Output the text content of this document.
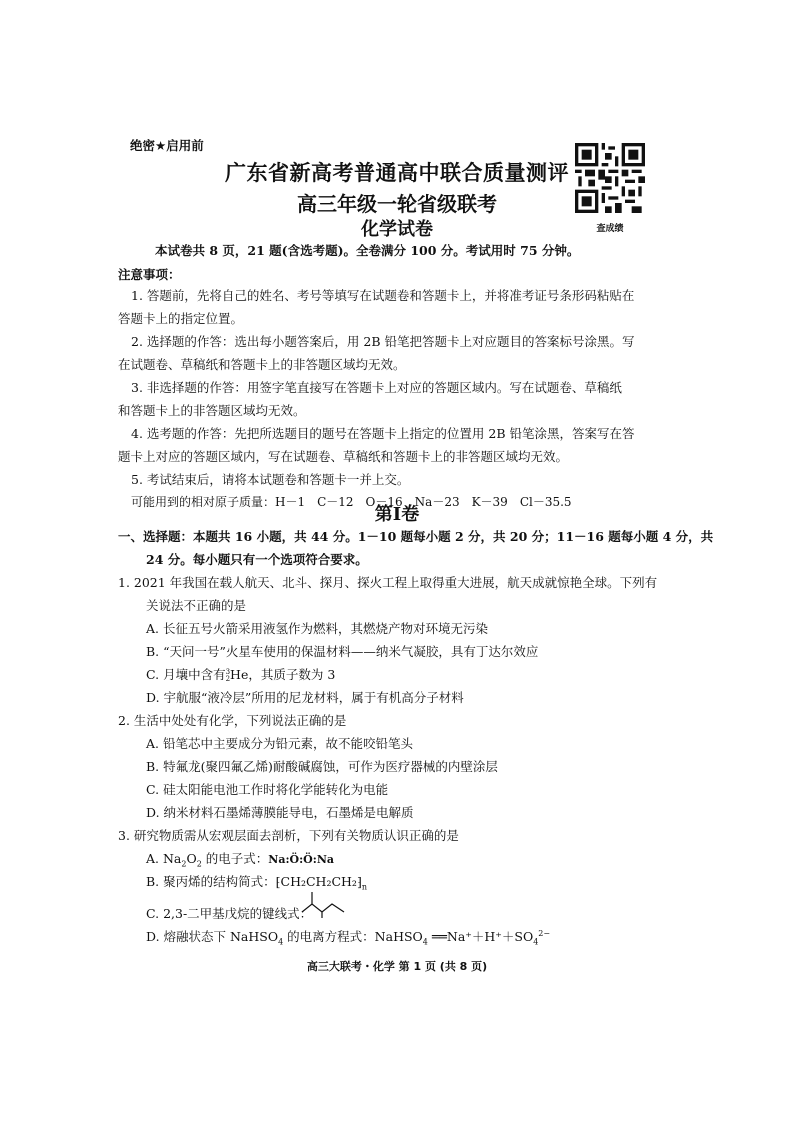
绝密★启用前
广东省新高考普通高中联合质量测评
高三年级一轮省级联考
化学试卷	查成绩
本试卷共 8 页，21 题(含选考题)。全卷满分 100 分。考试用时 75 分钟。
注意事项：
1. 答题前，先将自己的姓名、考号等填写在试题卷和答题卡上，并将准考证号条形码粘贴在
答题卡上的指定位置。
2. 选择题的作答：选出每小题答案后，用 2B 铅笔把答题卡上对应题目的答案标号涂黑。写
在试题卷、草稿纸和答题卡上的非答题区域均无效。
3. 非选择题的作答：用签字笔直接写在答题卡上对应的答题区域内。写在试题卷、草稿纸
和答题卡上的非答题区域均无效。
4. 选考题的作答：先把所选题目的题号在答题卡上指定的位置用 2B 铅笔涂黑，答案写在答
题卡上对应的答题区域内，写在试题卷、草稿纸和答题卡上的非答题区域均无效。
5. 考试结束后，请将本试题卷和答题卡一并上交。
可能用到的相对原子质量：H－1　C－12　O－16　Na－23　K－39　Cl－35.5
第Ⅰ卷
一、选择题：本题共 16 小题，共 44 分。1－10 题每小题 2 分，共 20 分；11－16 题每小题 4 分，共
24 分。每小题只有一个选项符合要求。
1. 2021 年我国在载人航天、北斗、探月、探火工程上取得重大进展，航天成就惊艳全球。下列有
关说法不正确的是
A. 长征五号火箭采用液氢作为燃料，其燃烧产物对环境无污染
B. “天问一号”火星车使用的保温材料——纳米气凝胶，具有丁达尔效应
C. 月壤中含有 3
2 He，其质子数为 3
D. 宇航服“液冷层”所用的尼龙材料，属于有机高分子材料
2. 生活中处处有化学，下列说法正确的是
A. 铅笔芯中主要成分为铅元素，故不能咬铅笔头
B. 特氟龙(聚四氟乙烯)耐酸碱腐蚀，可作为医疗器械的内壁涂层
C. 硅太阳能电池工作时将化学能转化为电能
D. 纳米材料石墨烯薄膜能导电，石墨烯是电解质
3. 研究物质需从宏观层面去剖析，下列有关物质认识正确的是
A. $Na_2O_2$ 的电子式：Na:Ö:Ö:Na
B. 聚丙烯的结构简式：$⁅CH_2CH_2CH_2⁆_n$
C. 2,3-二甲基戊烷的键线式：
D. 熔融状态下 NaHSO$_4$ 的电离方程式：NaHSO$_4$ $══Na^++H^++SO_4^{2-}$
高三大联考・化学 第 1 页 (共 8 页)
